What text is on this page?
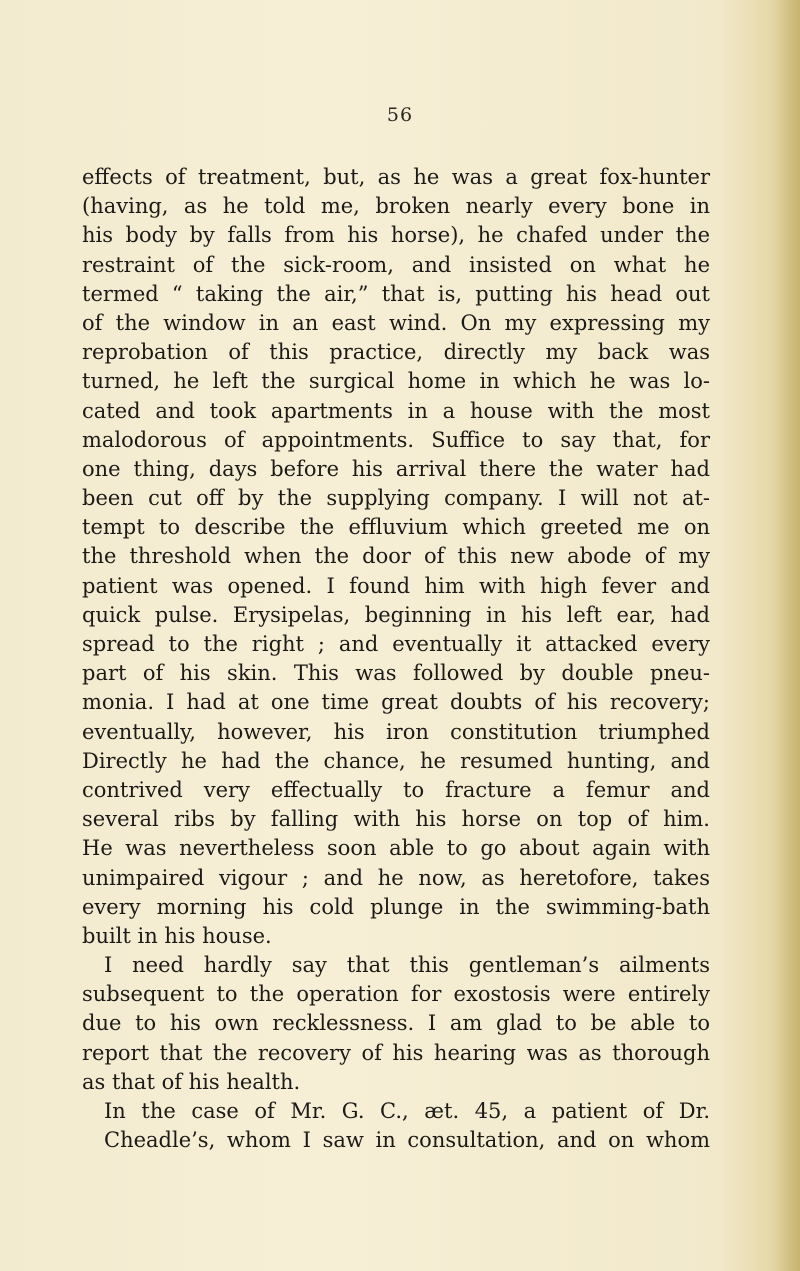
56
effects of treatment, but, as he was a great fox-hunter
(having, as he told me, broken nearly every bone in
his body by falls from his horse), he chafed under the
restraint of the sick-room, and insisted on what he
termed “ taking the air,” that is, putting his head out
of the window in an east wind. On my expressing my
reprobation of this practice, directly my back was
turned, he left the surgical home in which he was lo-
cated and took apartments in a house with the most
malodorous of appointments. Suffice to say that, for
one thing, days before his arrival there the water had
been cut off by the supplying company. I will not at-
tempt to describe the effluvium which greeted me on
the threshold when the door of this new abode of my
patient was opened. I found him with high fever and
quick pulse. Erysipelas, beginning in his left ear, had
spread to the right ; and eventually it attacked every
part of his skin. This was followed by double pneu-
monia. I had at one time great doubts of his recovery;
eventually, however, his iron constitution triumphed
Directly he had the chance, he resumed hunting, and
contrived very effectually to fracture a femur and
several ribs by falling with his horse on top of him.
He was nevertheless soon able to go about again with
unimpaired vigour ; and he now, as heretofore, takes
every morning his cold plunge in the swimming-bath
built in his house.
I need hardly say that this gentleman’s ailments
subsequent to the operation for exostosis were entirely
due to his own recklessness. I am glad to be able to
report that the recovery of his hearing was as thorough
as that of his health.
In the case of Mr. G. C., æt. 45, a patient of Dr.
Cheadle’s, whom I saw in consultation, and on whom
